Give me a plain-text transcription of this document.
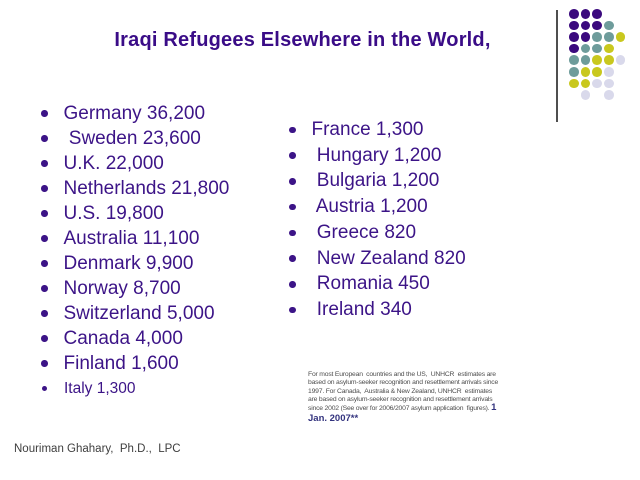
Iraqi Refugees Elsewhere in the World,
Germany 36,200
Sweden 23,600
U.K. 22,000
Netherlands 21,800
U.S. 19,800
Australia 11,100
Denmark 9,900
Norway 8,700
Switzerland 5,000
Canada 4,000
Finland 1,600
Italy 1,300
France 1,300
Hungary 1,200
Bulgaria 1,200
Austria 1,200
Greece 820
New Zealand 820
Romania 450
Ireland 340
For most European  countries and the US,  UNHCR  estimates are
based on asylum-seeker recognition and resettlement arrivals since
1997. For Canada,  Australia & New Zealand, UNHCR  estimates
are based on asylum-seeker recognition and resettlement arrivals
since 2002 (See over for 2006/2007 asylum application  figures). 1
Jan. 2007**
Nouriman Ghahary,  Ph.D.,  LPC
